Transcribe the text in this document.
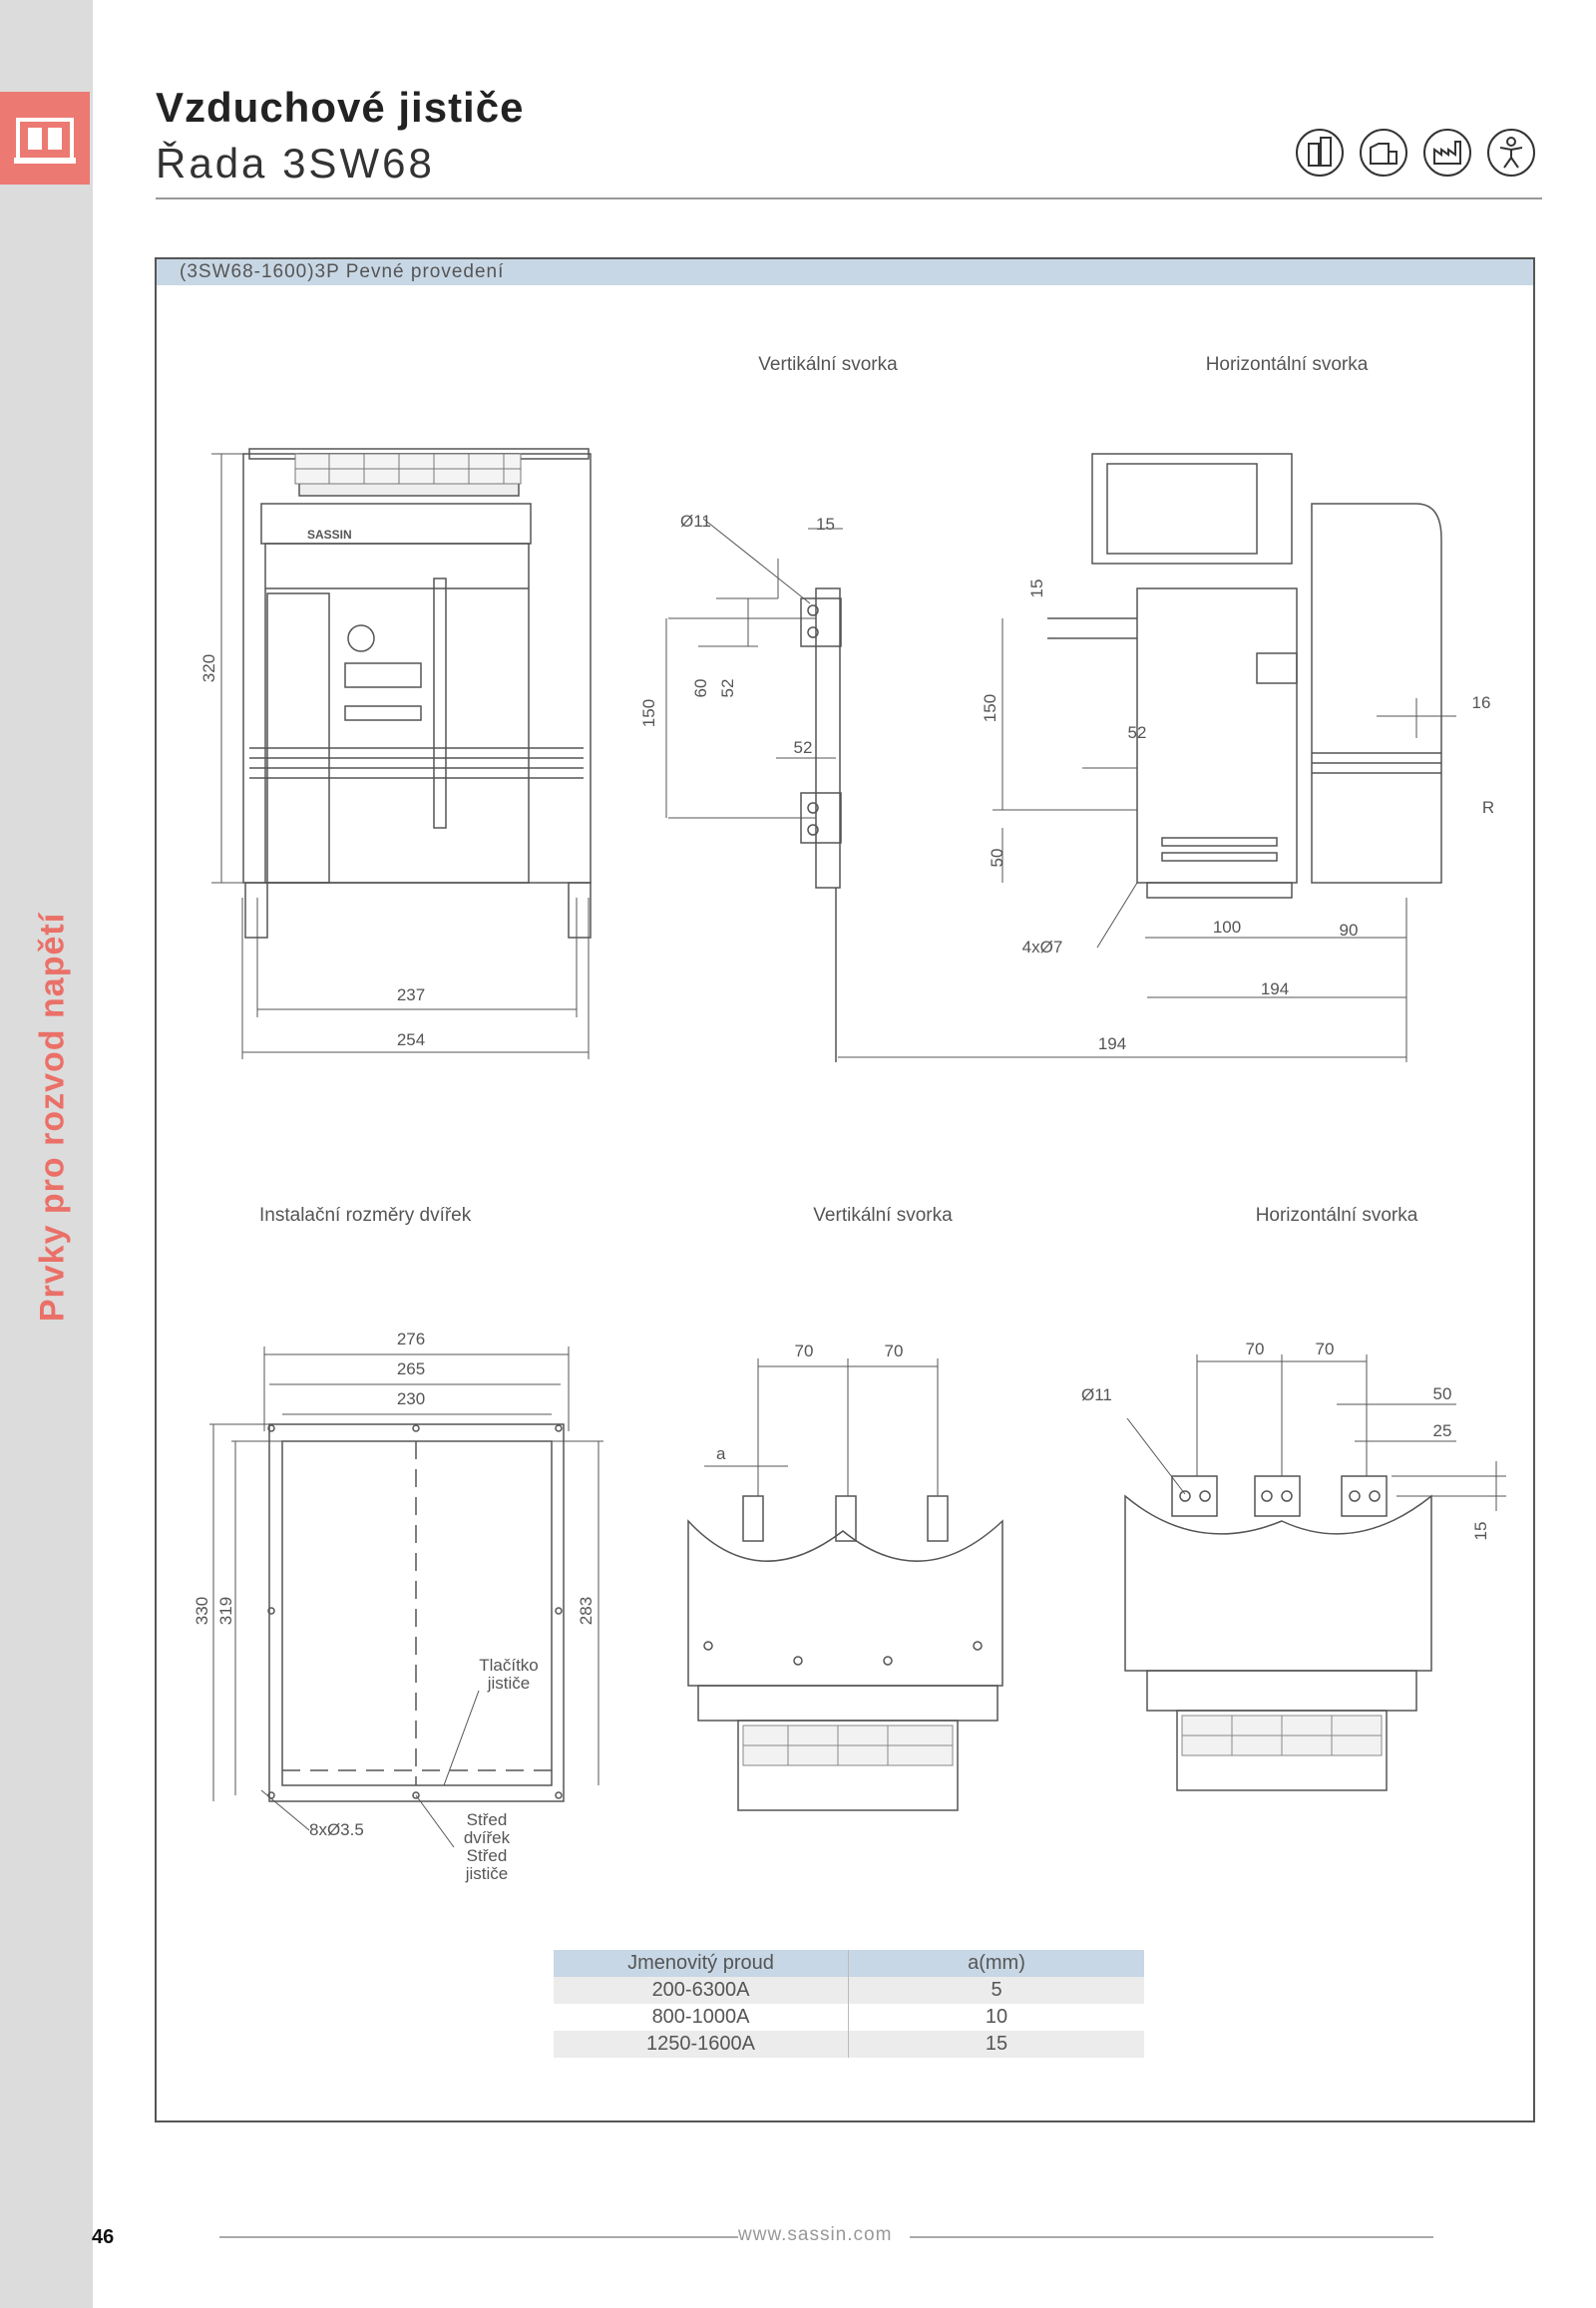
Prvky pro rozvod napětí
46
Vzduchové jističe
Řada 3SW68
(3SW68-1600)3P Pevné provedení
Vertikální svorka	Horizontální svorka
Instalační rozměry dvířek	Vertikální svorka	Horizontální svorka
SASSIN
320
237
254
Ø11	15
60 52
150
52
15
150
52
50
16
R
4xØ7
100	90
194
194
276
265
230
330 319	283
Tlačítko
jističe
8xØ3.5
Střed
dvířek
Střed
jističe
70	70
a
70	70
Ø11	50
25
15
Jmenovitý proud	a(mm)
200-6300A	5
800-1000A	10
1250-1600A	15
www.sassin.com
